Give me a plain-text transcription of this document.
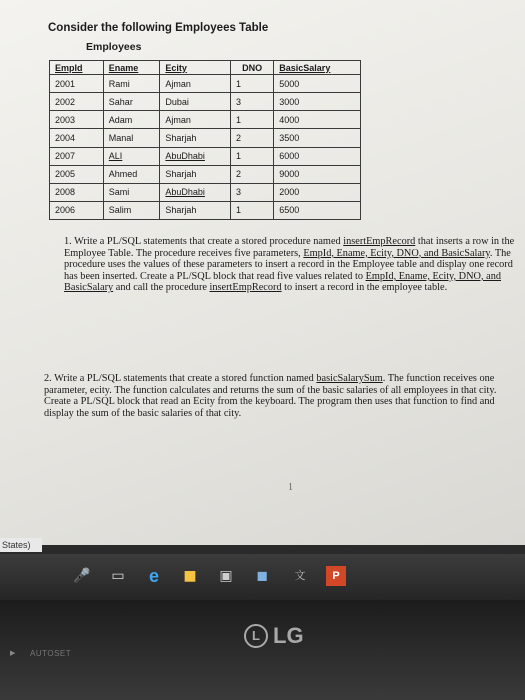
Consider the following Employees Table
Employees
EmpId	Ename	Ecity	DNO	BasicSalary
2001	Rami	Ajman	1	5000
2002	Sahar	Dubai	3	3000
2003	Adam	Ajman	1	4000
2004	Manal	Sharjah	2	3500
2007	ALI	AbuDhabi	1	6000
2005	Ahmed	Sharjah	2	9000
2008	Sami	AbuDhabi	3	2000
2006	Salim	Sharjah	1	6500
1. Write a PL/SQL statements that create a stored procedure named insertEmpRecord that inserts a row in the Employee Table. The procedure receives five parameters, EmpId, Ename, Ecity, DNO, and BasicSalary. The procedure uses the values of these parameters to insert a record in the Employee table and display one record has been inserted. Create a PL/SQL block that read five values related to EmpId, Ename, Ecity, DNO, and BasicSalary and call the procedure insertEmpRecord to insert a record in the employee table.
2. Write a PL/SQL statements that create a stored function named basicSalarySum. The function receives one parameter, ecity. The function calculates and returns the sum of the basic salaries of all employees in that city.
Create a PL/SQL block that read an Ecity from the keyboard. The program then uses that function to find and display the sum of the basic salaries of that city.
1
States)
🎤 ▭ e	■ ▣ ◼	文	P
L LG
▶ AUTOSET
